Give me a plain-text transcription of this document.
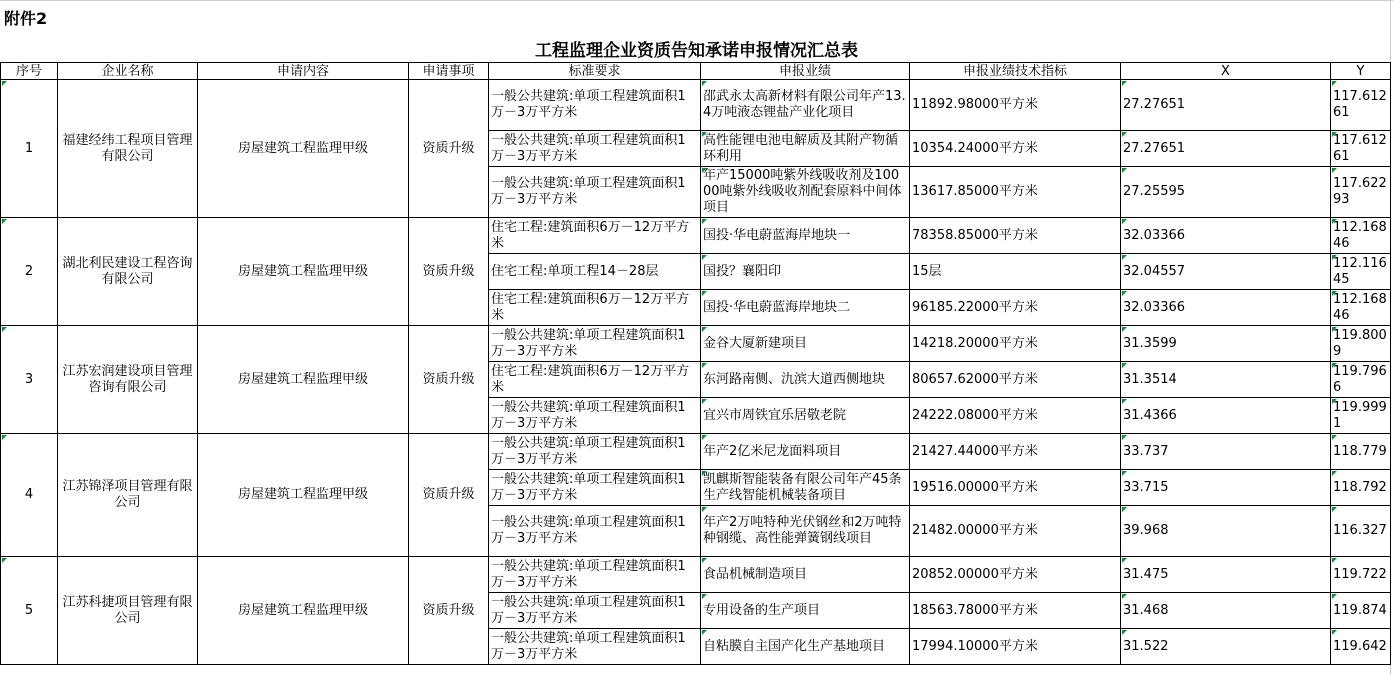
附件2
工程监理企业资质告知承诺申报情况汇总表
序号	企业名称	申请内容	申请事项	标准要求	申报业绩	申报业绩技术指标	X	Y

1	福建经纬工程项目管理有限公司	房屋建筑工程监理甲级	资质升级	一般公共建筑:单项工程建筑面积1万－3万平方米	邵武永太高新材料有限公司年产13.4万吨液态锂盐产业化项目	11892.98000平方米	27.27651	117.61261

				一般公共建筑:单项工程建筑面积1万－3万平方米	高性能锂电池电解质及其附产物循环利用	10354.24000平方米	27.27651	117.61261

				一般公共建筑:单项工程建筑面积1万－3万平方米	年产15000吨紫外线吸收剂及10000吨紫外线吸收剂配套原料中间体项目	13617.85000平方米	27.25595	117.62293

2	湖北利民建设工程咨询有限公司	房屋建筑工程监理甲级	资质升级	住宅工程:建筑面积6万－12万平方米	国投·华电蔚蓝海岸地块一	78358.85000平方米	32.03366	112.16846

				住宅工程:单项工程14－28层	国投？襄阳印	15层	32.04557	112.11645

				住宅工程:建筑面积6万－12万平方米	国投·华电蔚蓝海岸地块二	96185.22000平方米	32.03366	112.16846

3	江苏宏润建设项目管理咨询有限公司	房屋建筑工程监理甲级	资质升级	一般公共建筑:单项工程建筑面积1万－3万平方米	金谷大厦新建项目	14218.20000平方米	31.3599	119.8009

				住宅工程:建筑面积6万－12万平方米	东河路南侧、氿滨大道西侧地块	80657.62000平方米	31.3514	119.7966

				一般公共建筑:单项工程建筑面积1万－3万平方米	宜兴市周铁宜乐居敬老院	24222.08000平方米	31.4366	119.9991

4	江苏锦泽项目管理有限公司	房屋建筑工程监理甲级	资质升级	一般公共建筑:单项工程建筑面积1万－3万平方米	年产2亿米尼龙面料项目	21427.44000平方米	33.737	118.779

				一般公共建筑:单项工程建筑面积1万－3万平方米	凯麒斯智能装备有限公司年产45条生产线智能机械装备项目	19516.00000平方米	33.715	118.792

				一般公共建筑:单项工程建筑面积1万－3万平方米	年产2万吨特种光伏钢丝和2万吨特种钢缆、高性能弹簧钢线项目	21482.00000平方米	39.968	116.327

5	江苏科捷项目管理有限公司	房屋建筑工程监理甲级	资质升级	一般公共建筑:单项工程建筑面积1万－3万平方米	食品机械制造项目	20852.00000平方米	31.475	119.722

				一般公共建筑:单项工程建筑面积1万－3万平方米	专用设备的生产项目	18563.78000平方米	31.468	119.874

				一般公共建筑:单项工程建筑面积1万－3万平方米	自粘膜自主国产化生产基地项目	17994.10000平方米	31.522	119.642
